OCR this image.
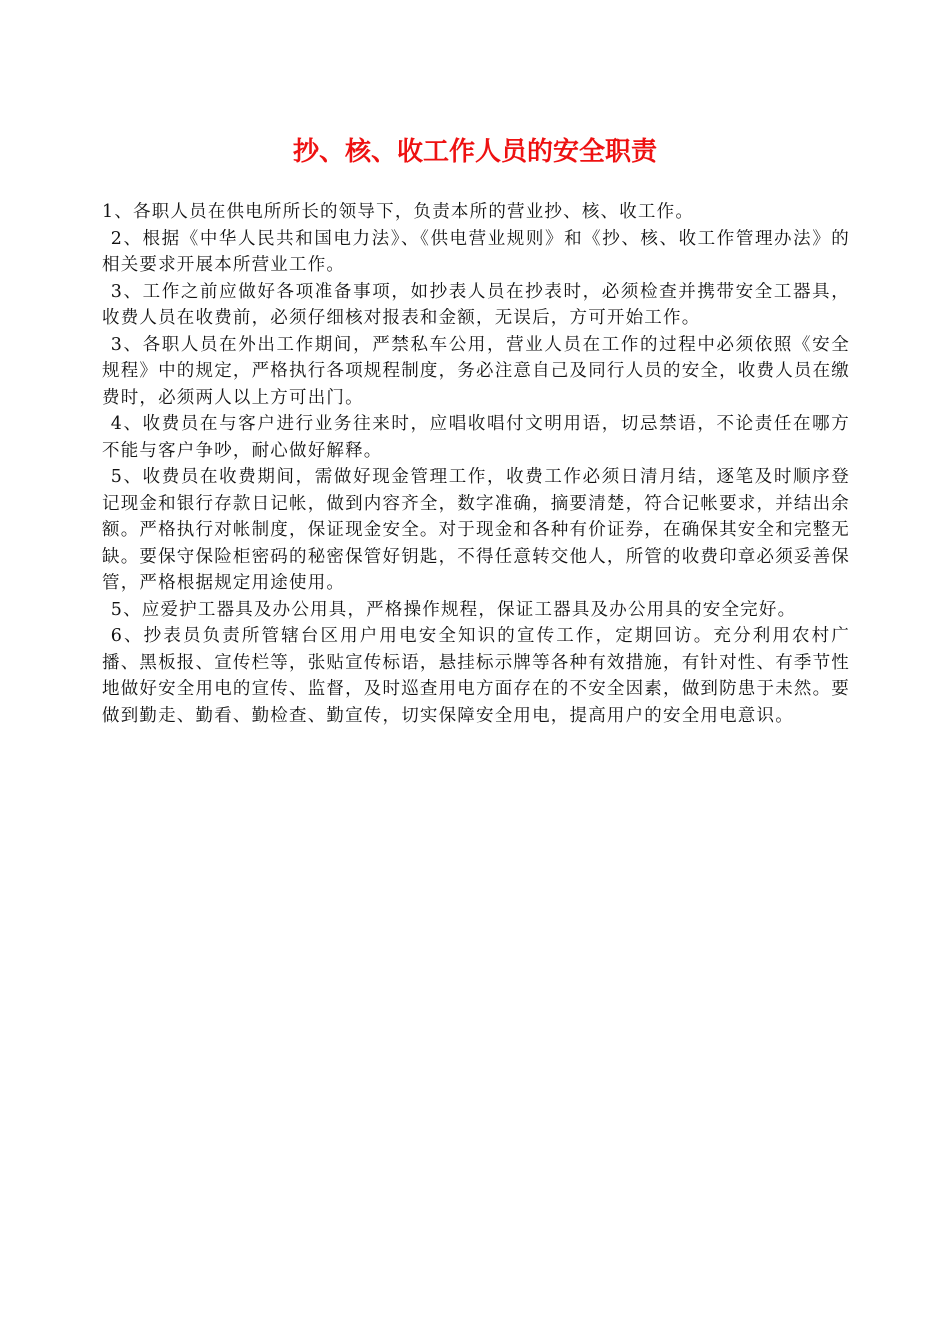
抄、核、收工作人员的安全职责

1、各职人员在供电所所长的领导下，负责本所的营业抄、核、收工作。

2、根据《中华人民共和国电力法》、《供电营业规则》和《抄、核、收工作管理办法》的相关要求开展本所营业工作。

3、工作之前应做好各项准备事项，如抄表人员在抄表时，必须检查并携带安全工器具，收费人员在收费前，必须仔细核对报表和金额，无误后，方可开始工作。

3、各职人员在外出工作期间，严禁私车公用，营业人员在工作的过程中必须依照《安全规程》中的规定，严格执行各项规程制度，务必注意自己及同行人员的安全，收费人员在缴费时，必须两人以上方可出门。

4、收费员在与客户进行业务往来时，应唱收唱付文明用语，切忌禁语，不论责任在哪方不能与客户争吵，耐心做好解释。

5、收费员在收费期间，需做好现金管理工作，收费工作必须日清月结，逐笔及时顺序登记现金和银行存款日记帐，做到内容齐全，数字准确，摘要清楚，符合记帐要求，并结出余额。严格执行对帐制度，保证现金安全。对于现金和各种有价证券，在确保其安全和完整无缺。要保守保险柜密码的秘密保管好钥匙，不得任意转交他人，所管的收费印章必须妥善保管，严格根据规定用途使用。

5、应爱护工器具及办公用具，严格操作规程，保证工器具及办公用具的安全完好。

6、抄表员负责所管辖台区用户用电安全知识的宣传工作，定期回访。充分利用农村广播、黑板报、宣传栏等，张贴宣传标语，悬挂标示牌等各种有效措施，有针对性、有季节性地做好安全用电的宣传、监督，及时巡查用电方面存在的不安全因素，做到防患于未然。要做到勤走、勤看、勤检查、勤宣传，切实保障安全用电，提高用户的安全用电意识。
